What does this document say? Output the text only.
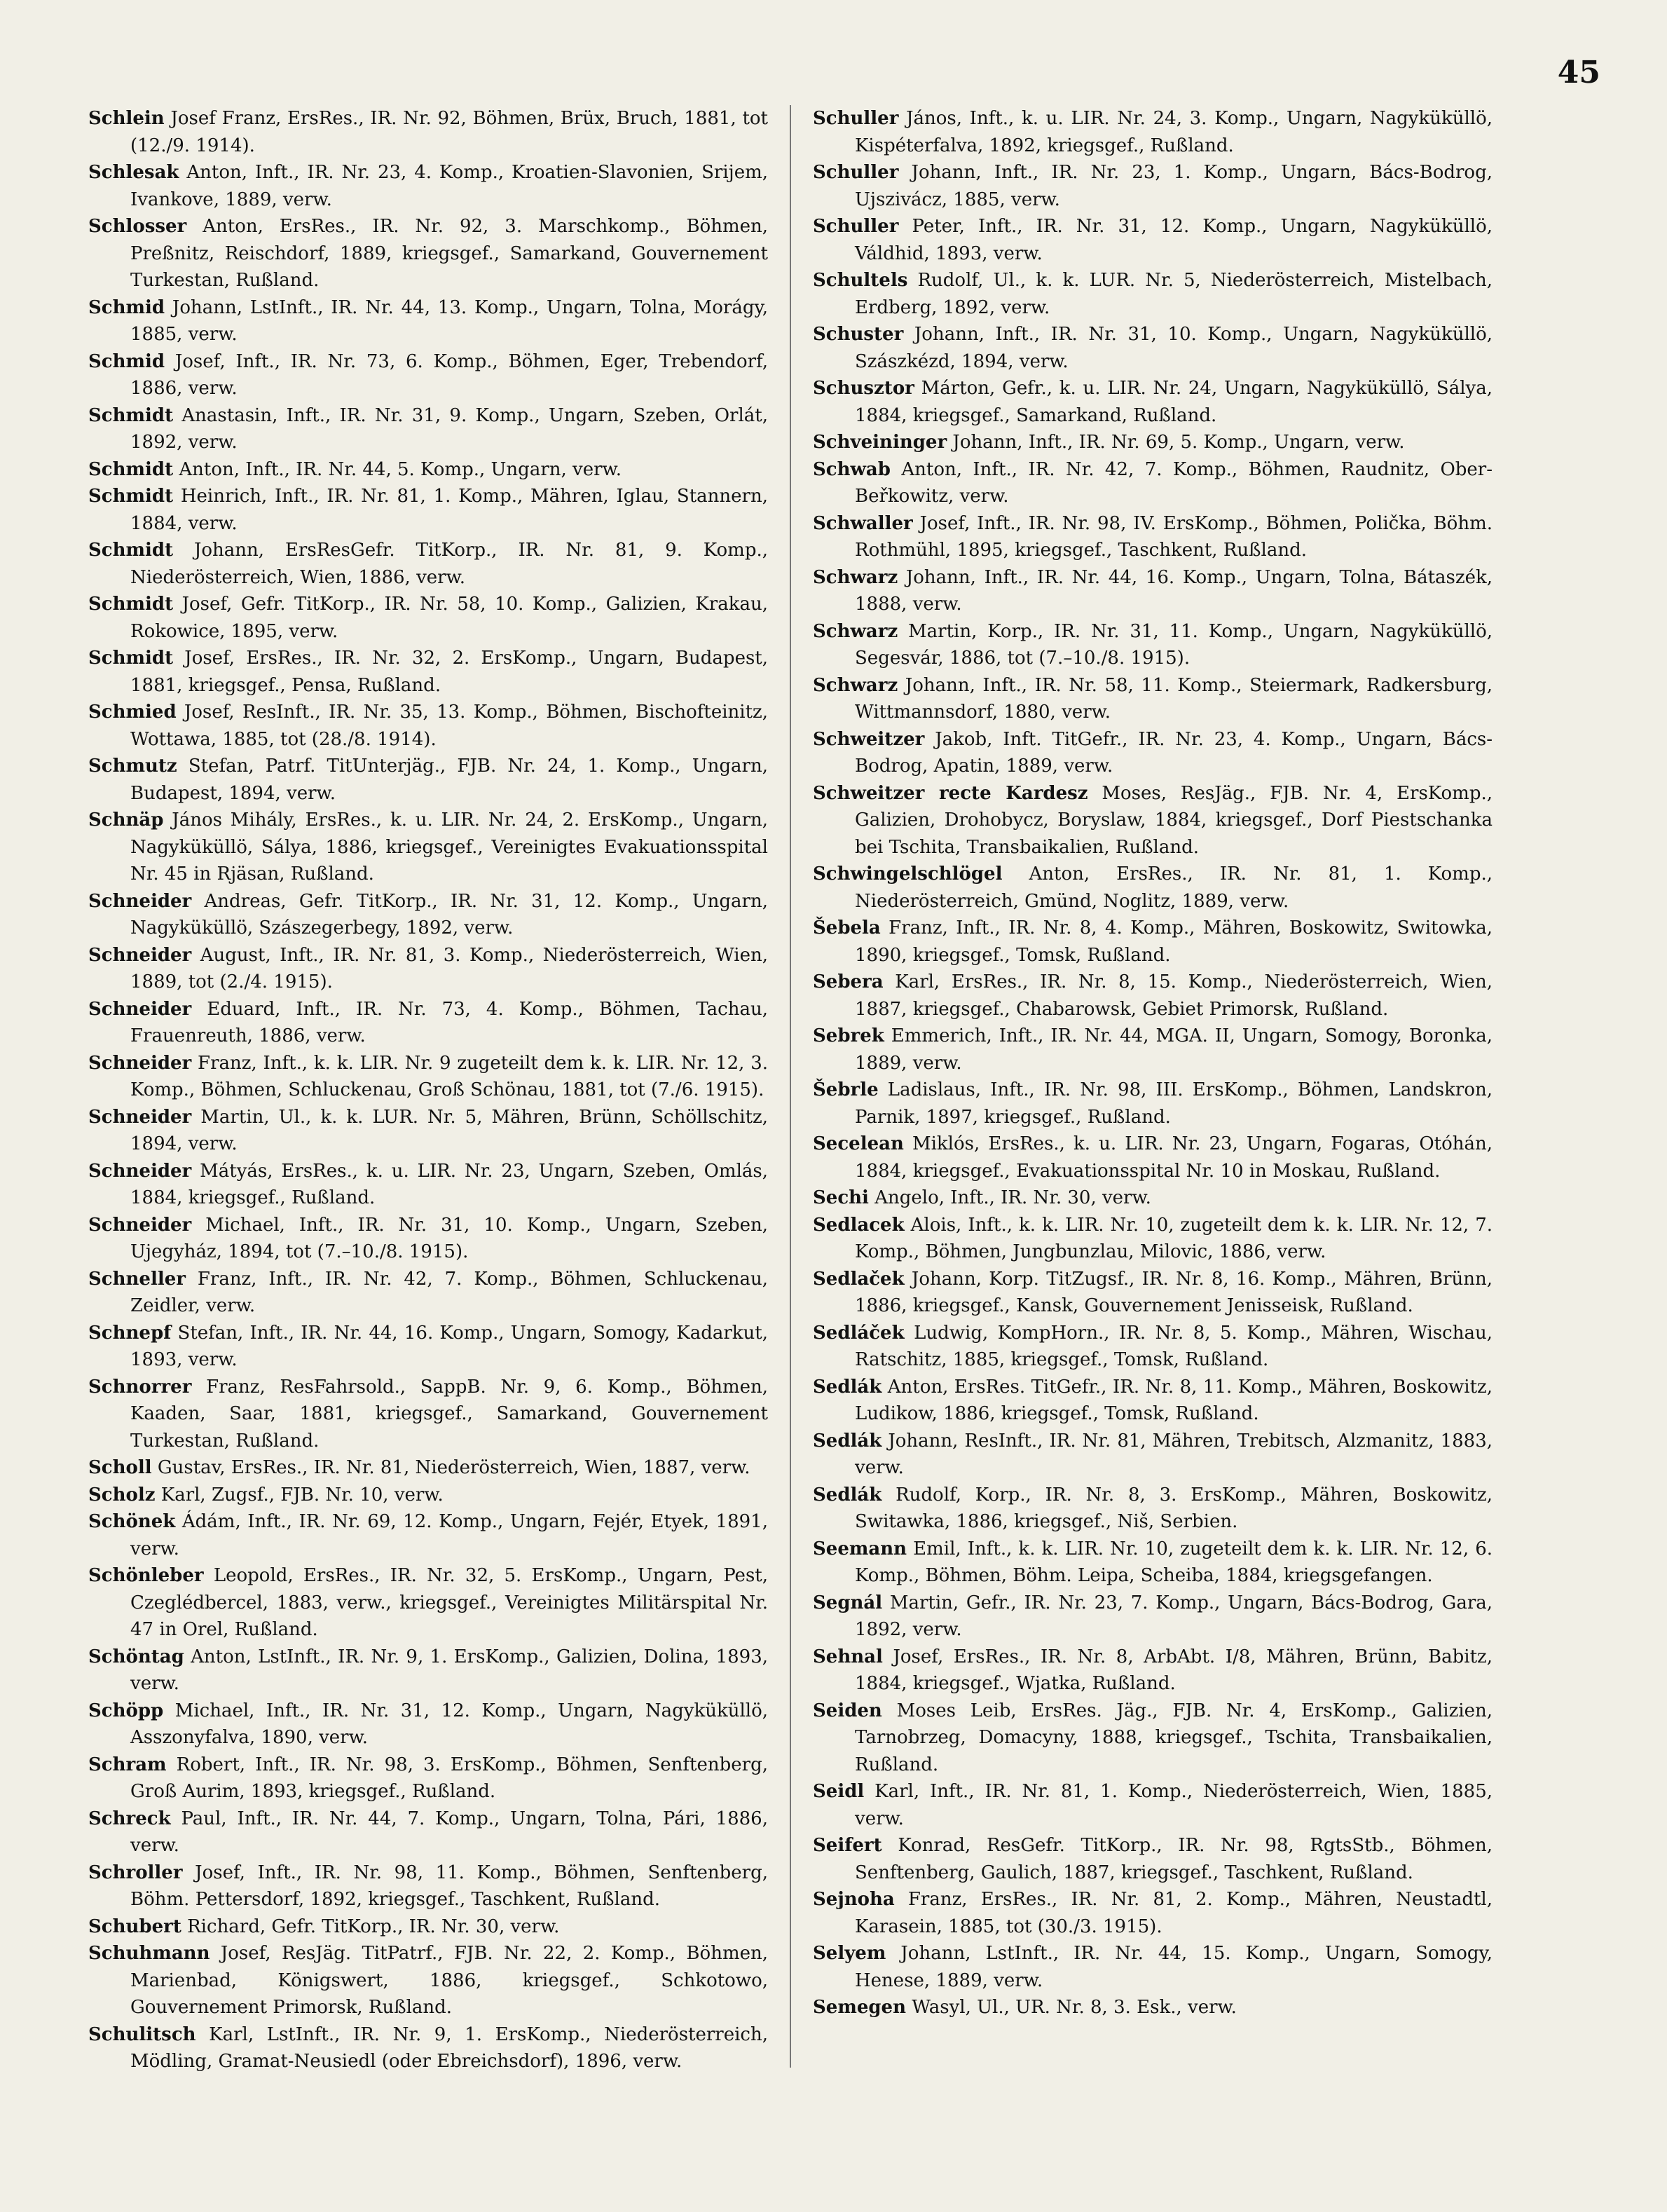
45

Schlein Josef Franz, ErsRes., IR. Nr. 92, Böhmen, Brüx, Bruch, 1881, tot (12./9. 1914).

Schlesak Anton, Inft., IR. Nr. 23, 4. Komp., Kroatien-Slavonien, Srijem, Ivankove, 1889, verw.

Schlosser Anton, ErsRes., IR. Nr. 92, 3. Marschkomp., Böhmen, Preßnitz, Reischdorf, 1889, kriegsgef., Samarkand, Gouvernement Turkestan, Rußland.

Schmid Johann, LstInft., IR. Nr. 44, 13. Komp., Ungarn, Tolna, Morágy, 1885, verw.

Schmid Josef, Inft., IR. Nr. 73, 6. Komp., Böhmen, Eger, Trebendorf, 1886, verw.

Schmidt Anastasin, Inft., IR. Nr. 31, 9. Komp., Ungarn, Szeben, Orlát, 1892, verw.

Schmidt Anton, Inft., IR. Nr. 44, 5. Komp., Ungarn, verw.

Schmidt Heinrich, Inft., IR. Nr. 81, 1. Komp., Mähren, Iglau, Stannern, 1884, verw.

Schmidt Johann, ErsResGefr. TitKorp., IR. Nr. 81, 9. Komp., Niederösterreich, Wien, 1886, verw.

Schmidt Josef, Gefr. TitKorp., IR. Nr. 58, 10. Komp., Galizien, Krakau, Rokowice, 1895, verw.

Schmidt Josef, ErsRes., IR. Nr. 32, 2. ErsKomp., Ungarn, Budapest, 1881, kriegsgef., Pensa, Rußland.

Schmied Josef, ResInft., IR. Nr. 35, 13. Komp., Böhmen, Bischofteinitz, Wottawa, 1885, tot (28./8. 1914).

Schmutz Stefan, Patrf. TitUnterjäg., FJB. Nr. 24, 1. Komp., Ungarn, Budapest, 1894, verw.

Schnäp János Mihály, ErsRes., k. u. LIR. Nr. 24, 2. ErsKomp., Ungarn, Nagyküküllö, Sálya, 1886, kriegsgef., Vereinigtes Evakuationsspital Nr. 45 in Rjäsan, Rußland.

Schneider Andreas, Gefr. TitKorp., IR. Nr. 31, 12. Komp., Ungarn, Nagyküküllö, Szászegerbegy, 1892, verw.

Schneider August, Inft., IR. Nr. 81, 3. Komp., Niederösterreich, Wien, 1889, tot (2./4. 1915).

Schneider Eduard, Inft., IR. Nr. 73, 4. Komp., Böhmen, Tachau, Frauenreuth, 1886, verw.

Schneider Franz, Inft., k. k. LIR. Nr. 9 zugeteilt dem k. k. LIR. Nr. 12, 3. Komp., Böhmen, Schluckenau, Groß Schönau, 1881, tot (7./6. 1915).

Schneider Martin, Ul., k. k. LUR. Nr. 5, Mähren, Brünn, Schöllschitz, 1894, verw.

Schneider Mátyás, ErsRes., k. u. LIR. Nr. 23, Ungarn, Szeben, Omlás, 1884, kriegsgef., Rußland.

Schneider Michael, Inft., IR. Nr. 31, 10. Komp., Ungarn, Szeben, Ujegyház, 1894, tot (7.–10./8. 1915).

Schneller Franz, Inft., IR. Nr. 42, 7. Komp., Böhmen, Schluckenau, Zeidler, verw.

Schnepf Stefan, Inft., IR. Nr. 44, 16. Komp., Ungarn, Somogy, Kadarkut, 1893, verw.

Schnorrer Franz, ResFahrsold., SappB. Nr. 9, 6. Komp., Böhmen, Kaaden, Saar, 1881, kriegsgef., Samarkand, Gouvernement Turkestan, Rußland.

Scholl Gustav, ErsRes., IR. Nr. 81, Niederösterreich, Wien, 1887, verw.

Scholz Karl, Zugsf., FJB. Nr. 10, verw.

Schönek Ádám, Inft., IR. Nr. 69, 12. Komp., Ungarn, Fejér, Etyek, 1891, verw.

Schönleber Leopold, ErsRes., IR. Nr. 32, 5. ErsKomp., Ungarn, Pest, Czeglédbercel, 1883, verw., kriegsgef., Vereinigtes Militärspital Nr. 47 in Orel, Rußland.

Schöntag Anton, LstInft., IR. Nr. 9, 1. ErsKomp., Galizien, Dolina, 1893, verw.

Schöpp Michael, Inft., IR. Nr. 31, 12. Komp., Ungarn, Nagyküküllö, Asszonyfalva, 1890, verw.

Schram Robert, Inft., IR. Nr. 98, 3. ErsKomp., Böhmen, Senftenberg, Groß Aurim, 1893, kriegsgef., Rußland.

Schreck Paul, Inft., IR. Nr. 44, 7. Komp., Ungarn, Tolna, Pári, 1886, verw.

Schroller Josef, Inft., IR. Nr. 98, 11. Komp., Böhmen, Senftenberg, Böhm. Pettersdorf, 1892, kriegsgef., Taschkent, Rußland.

Schubert Richard, Gefr. TitKorp., IR. Nr. 30, verw.

Schuhmann Josef, ResJäg. TitPatrf., FJB. Nr. 22, 2. Komp., Böhmen, Marienbad, Königswert, 1886, kriegsgef., Schkotowo, Gouvernement Primorsk, Rußland.

Schulitsch Karl, LstInft., IR. Nr. 9, 1. ErsKomp., Niederösterreich, Mödling, Gramat-Neusiedl (oder Ebreichsdorf), 1896, verw.

Schuller János, Inft., k. u. LIR. Nr. 24, 3. Komp., Ungarn, Nagyküküllö, Kispéterfalva, 1892, kriegsgef., Rußland.

Schuller Johann, Inft., IR. Nr. 23, 1. Komp., Ungarn, Bács-Bodrog, Ujszivácz, 1885, verw.

Schuller Peter, Inft., IR. Nr. 31, 12. Komp., Ungarn, Nagyküküllö, Váldhid, 1893, verw.

Schultels Rudolf, Ul., k. k. LUR. Nr. 5, Niederösterreich, Mistelbach, Erdberg, 1892, verw.

Schuster Johann, Inft., IR. Nr. 31, 10. Komp., Ungarn, Nagyküküllö, Szászkézd, 1894, verw.

Schusztor Márton, Gefr., k. u. LIR. Nr. 24, Ungarn, Nagyküküllö, Sálya, 1884, kriegsgef., Samarkand, Rußland.

Schveininger Johann, Inft., IR. Nr. 69, 5. Komp., Ungarn, verw.

Schwab Anton, Inft., IR. Nr. 42, 7. Komp., Böhmen, Raudnitz, Ober-Beřkowitz, verw.

Schwaller Josef, Inft., IR. Nr. 98, IV. ErsKomp., Böhmen, Polička, Böhm. Rothmühl, 1895, kriegsgef., Taschkent, Rußland.

Schwarz Johann, Inft., IR. Nr. 44, 16. Komp., Ungarn, Tolna, Bátaszék, 1888, verw.

Schwarz Martin, Korp., IR. Nr. 31, 11. Komp., Ungarn, Nagyküküllö, Segesvár, 1886, tot (7.–10./8. 1915).

Schwarz Johann, Inft., IR. Nr. 58, 11. Komp., Steiermark, Radkersburg, Wittmannsdorf, 1880, verw.

Schweitzer Jakob, Inft. TitGefr., IR. Nr. 23, 4. Komp., Ungarn, Bács-Bodrog, Apatin, 1889, verw.

Schweitzer recte Kardesz Moses, ResJäg., FJB. Nr. 4, ErsKomp., Galizien, Drohobycz, Boryslaw, 1884, kriegsgef., Dorf Piestschanka bei Tschita, Transbaikalien, Rußland.

Schwingelschlögel Anton, ErsRes., IR. Nr. 81, 1. Komp., Niederösterreich, Gmünd, Noglitz, 1889, verw.

Šebela Franz, Inft., IR. Nr. 8, 4. Komp., Mähren, Boskowitz, Switowka, 1890, kriegsgef., Tomsk, Rußland.

Sebera Karl, ErsRes., IR. Nr. 8, 15. Komp., Niederösterreich, Wien, 1887, kriegsgef., Chabarowsk, Gebiet Primorsk, Rußland.

Sebrek Emmerich, Inft., IR. Nr. 44, MGA. II, Ungarn, Somogy, Boronka, 1889, verw.

Šebrle Ladislaus, Inft., IR. Nr. 98, III. ErsKomp., Böhmen, Landskron, Parnik, 1897, kriegsgef., Rußland.

Secelean Miklós, ErsRes., k. u. LIR. Nr. 23, Ungarn, Fogaras, Otóhán, 1884, kriegsgef., Evakuationsspital Nr. 10 in Moskau, Rußland.

Sechi Angelo, Inft., IR. Nr. 30, verw.

Sedlacek Alois, Inft., k. k. LIR. Nr. 10, zugeteilt dem k. k. LIR. Nr. 12, 7. Komp., Böhmen, Jungbunzlau, Milovic, 1886, verw.

Sedlaček Johann, Korp. TitZugsf., IR. Nr. 8, 16. Komp., Mähren, Brünn, 1886, kriegsgef., Kansk, Gouvernement Jenisseisk, Rußland.

Sedláček Ludwig, KompHorn., IR. Nr. 8, 5. Komp., Mähren, Wischau, Ratschitz, 1885, kriegsgef., Tomsk, Rußland.

Sedlák Anton, ErsRes. TitGefr., IR. Nr. 8, 11. Komp., Mähren, Boskowitz, Ludikow, 1886, kriegsgef., Tomsk, Rußland.

Sedlák Johann, ResInft., IR. Nr. 81, Mähren, Trebitsch, Alzmanitz, 1883, verw.

Sedlák Rudolf, Korp., IR. Nr. 8, 3. ErsKomp., Mähren, Boskowitz, Switawka, 1886, kriegsgef., Niš, Serbien.

Seemann Emil, Inft., k. k. LIR. Nr. 10, zugeteilt dem k. k. LIR. Nr. 12, 6. Komp., Böhmen, Böhm. Leipa, Scheiba, 1884, kriegsgefangen.

Segnál Martin, Gefr., IR. Nr. 23, 7. Komp., Ungarn, Bács-Bodrog, Gara, 1892, verw.

Sehnal Josef, ErsRes., IR. Nr. 8, ArbAbt. I/8, Mähren, Brünn, Babitz, 1884, kriegsgef., Wjatka, Rußland.

Seiden Moses Leib, ErsRes. Jäg., FJB. Nr. 4, ErsKomp., Galizien, Tarnobrzeg, Domacyny, 1888, kriegsgef., Tschita, Transbaikalien, Rußland.

Seidl Karl, Inft., IR. Nr. 81, 1. Komp., Niederösterreich, Wien, 1885, verw.

Seifert Konrad, ResGefr. TitKorp., IR. Nr. 98, RgtsStb., Böhmen, Senftenberg, Gaulich, 1887, kriegsgef., Taschkent, Rußland.

Sejnoha Franz, ErsRes., IR. Nr. 81, 2. Komp., Mähren, Neustadtl, Karasein, 1885, tot (30./3. 1915).

Selyem Johann, LstInft., IR. Nr. 44, 15. Komp., Ungarn, Somogy, Henese, 1889, verw.

Semegen Wasyl, Ul., UR. Nr. 8, 3. Esk., verw.
